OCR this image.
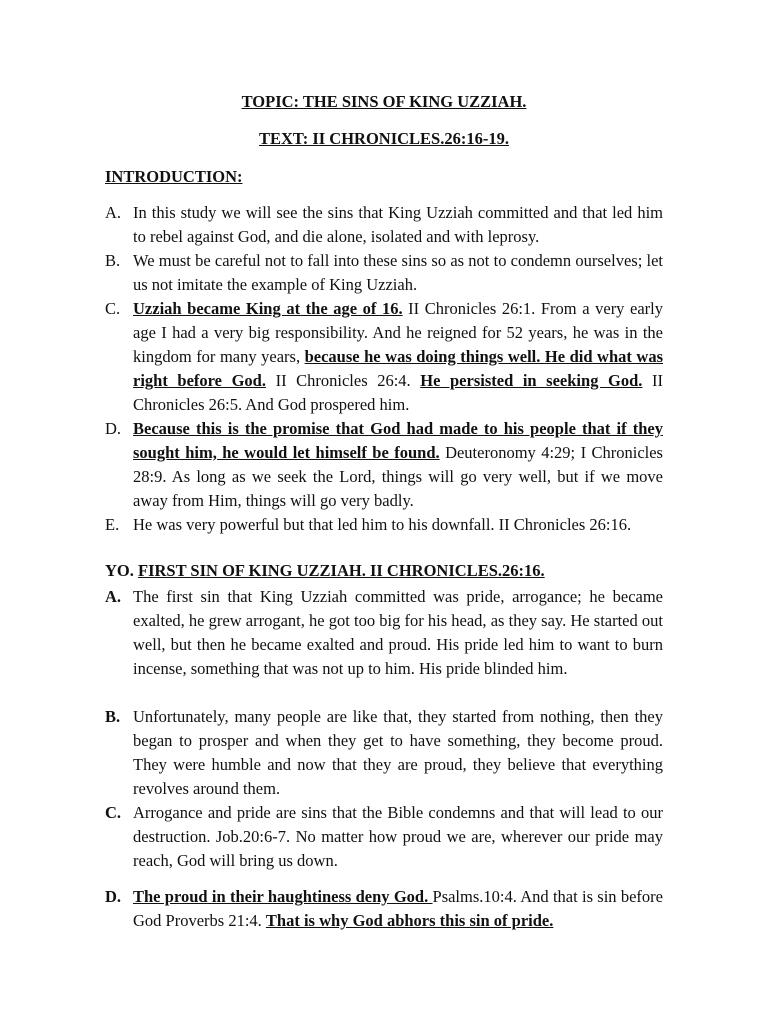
TOPIC: THE SINS OF KING UZZIAH.
TEXT: II CHRONICLES.26:16-19.
INTRODUCTION:
A. In this study we will see the sins that King Uzziah committed and that led him to rebel against God, and die alone, isolated and with leprosy.
B. We must be careful not to fall into these sins so as not to condemn ourselves; let us not imitate the example of King Uzziah.
C. Uzziah became King at the age of 16. II Chronicles 26:1. From a very early age I had a very big responsibility. And he reigned for 52 years, he was in the kingdom for many years, because he was doing things well. He did what was right before God. II Chronicles 26:4. He persisted in seeking God. II Chronicles 26:5. And God prospered him.
D. Because this is the promise that God had made to his people that if they sought him, he would let himself be found. Deuteronomy 4:29; I Chronicles 28:9. As long as we seek the Lord, things will go very well, but if we move away from Him, things will go very badly.
E. He was very powerful but that led him to his downfall. II Chronicles 26:16.
YO. FIRST SIN OF KING UZZIAH. II CHRONICLES.26:16.
A. The first sin that King Uzziah committed was pride, arrogance; he became exalted, he grew arrogant, he got too big for his head, as they say. He started out well, but then he became exalted and proud. His pride led him to want to burn incense, something that was not up to him. His pride blinded him.
B. Unfortunately, many people are like that, they started from nothing, then they began to prosper and when they get to have something, they become proud. They were humble and now that they are proud, they believe that everything revolves around them.
C. Arrogance and pride are sins that the Bible condemns and that will lead to our destruction. Job.20:6-7. No matter how proud we are, wherever our pride may reach, God will bring us down.
D. The proud in their haughtiness deny God. Psalms.10:4. And that is sin before God Proverbs 21:4. That is why God abhors this sin of pride.
